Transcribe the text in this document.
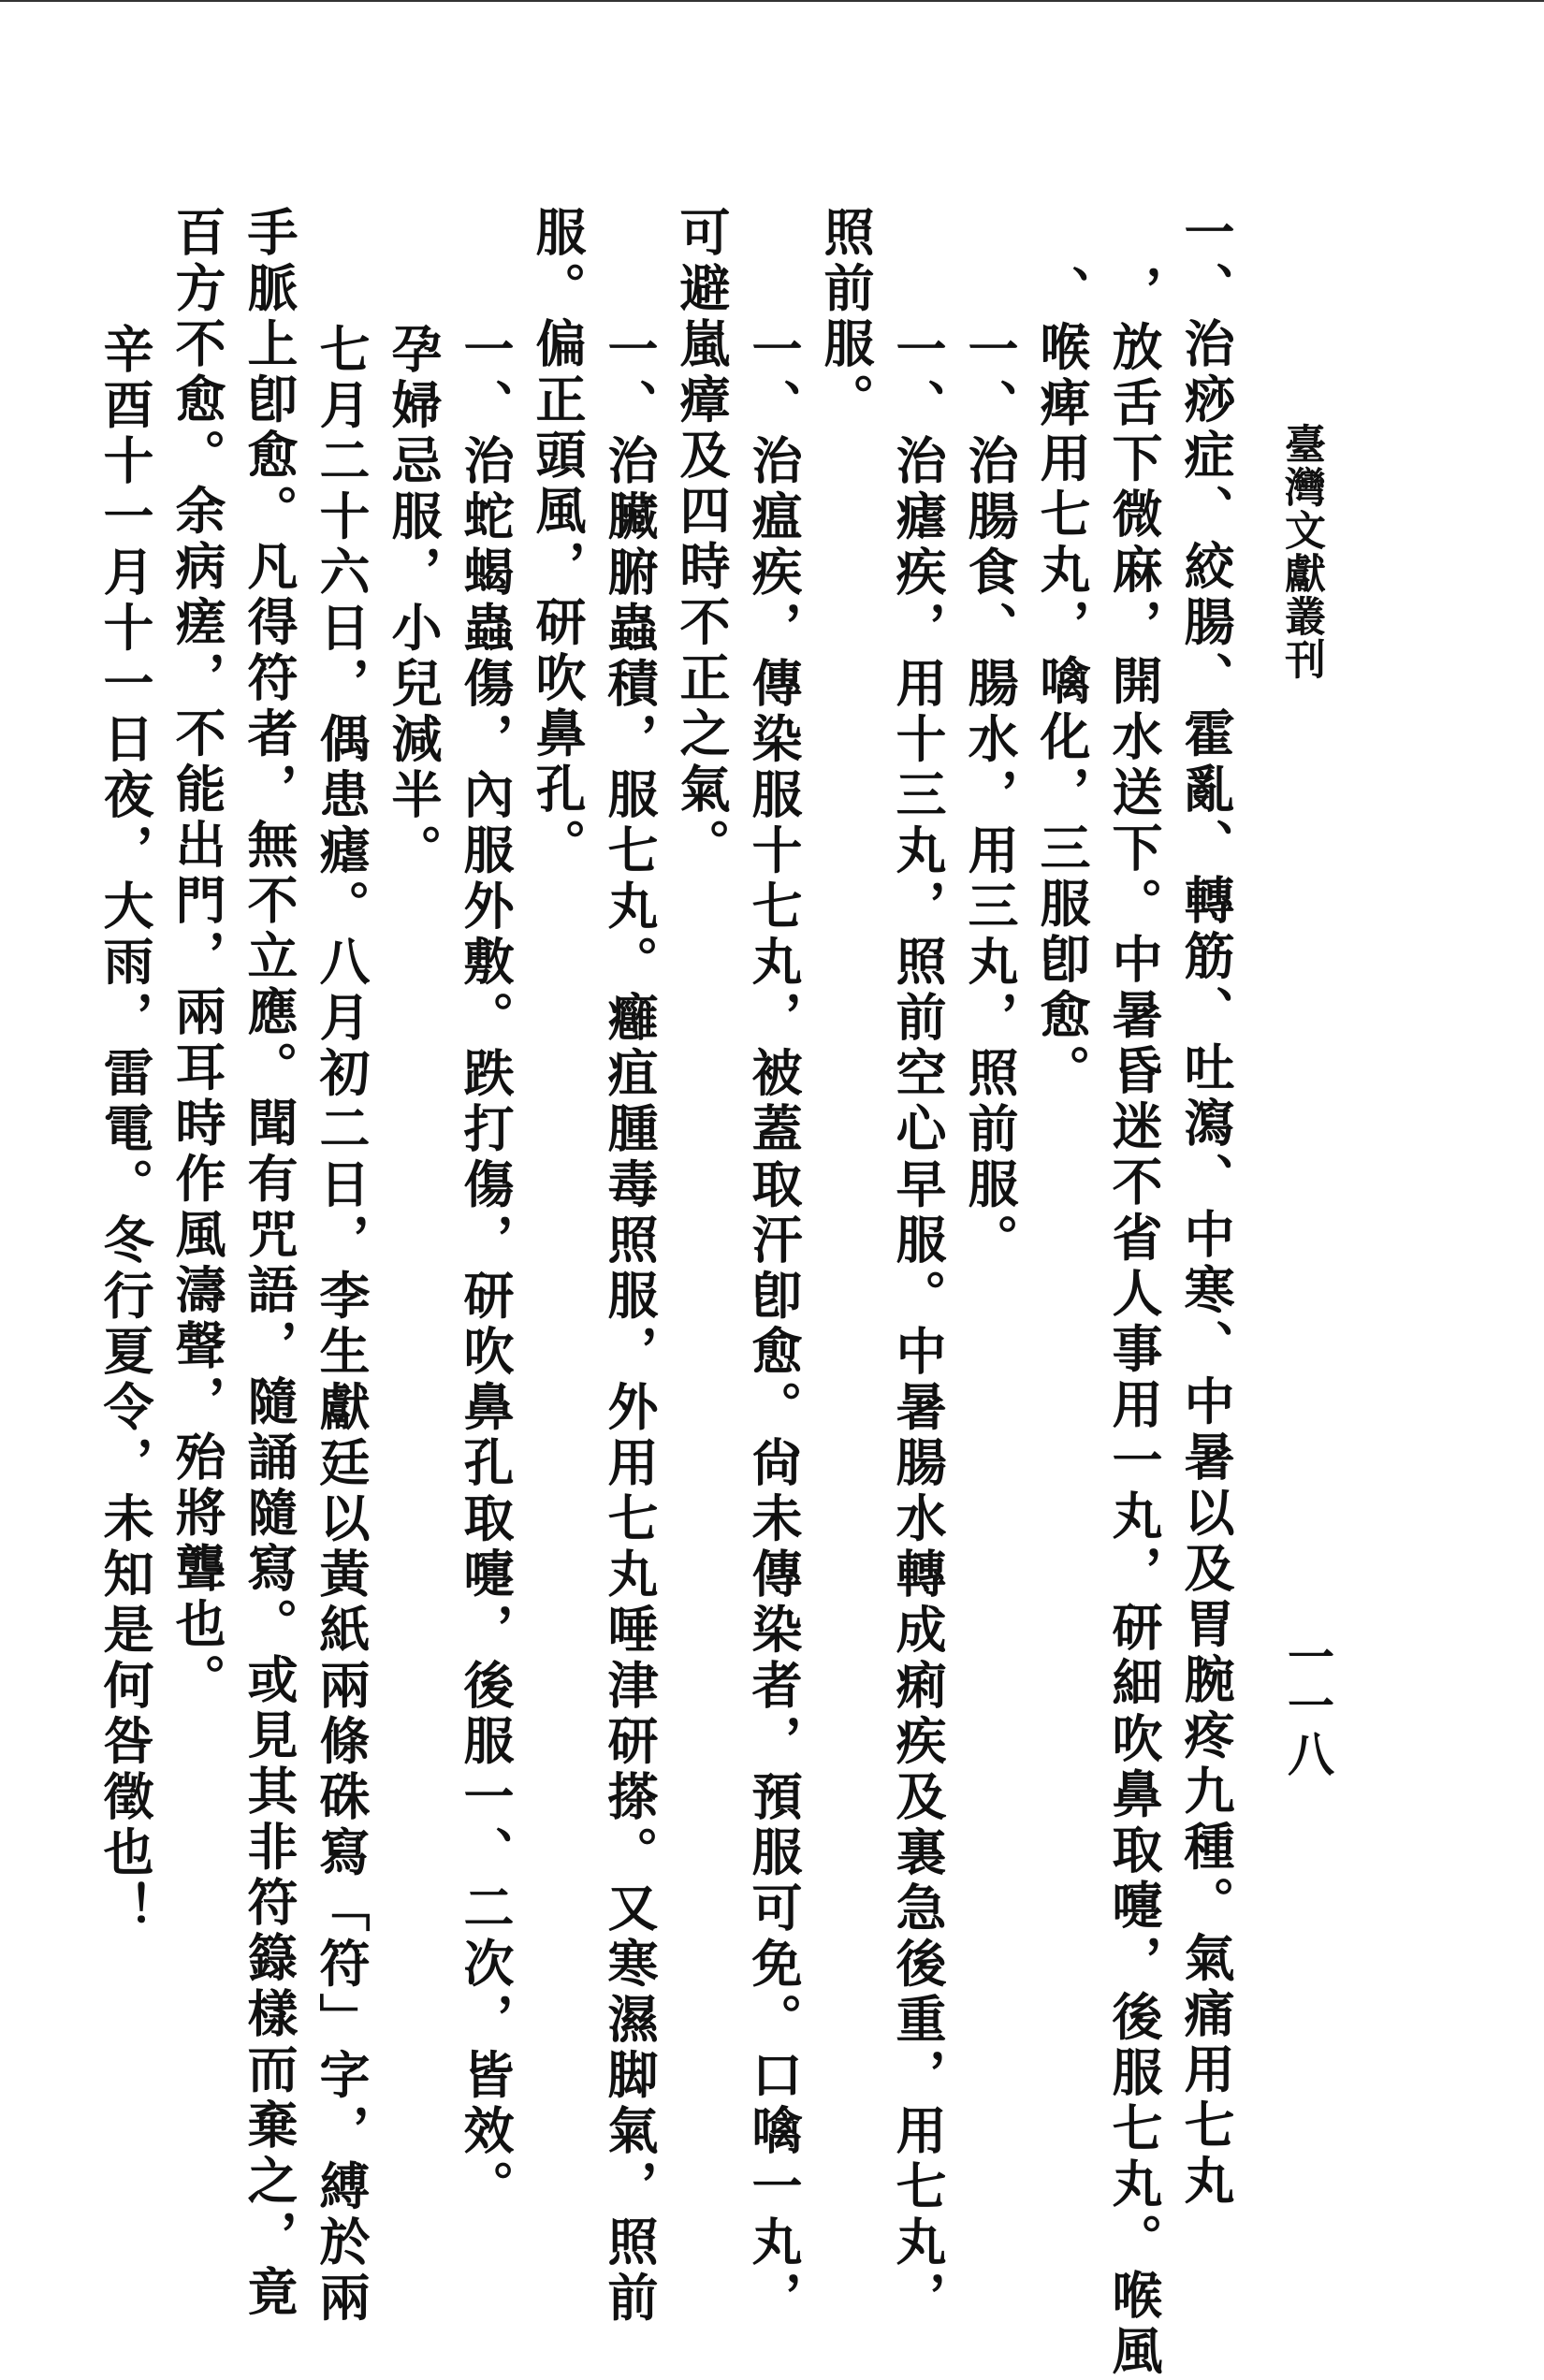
臺灣文獻叢刊
一一八
一、治痧症、絞腸、霍亂、轉筋、吐瀉、中寒、中暑以及胃腕疼九種。氣痛用七丸
，放舌下微麻，開水送下。中暑昏迷不省人事用一丸，研細吹鼻取嚏，後服七丸。喉風
、喉痺用七丸，噙化，三服卽愈。
一、治腸食、腸水，用三丸，照前服。
一、治瘧疾，用十三丸，照前空心早服。中暑腸水轉成痢疾及裏急後重，用七丸，
照前服。
一、治瘟疾，傳染服十七丸，被蓋取汗卽愈。尙未傳染者，預服可免。口噙一丸，
可避嵐瘴及四時不正之氣。
一、治臟腑蟲積，服七丸。癰疽腫毒照服，外用七丸唾津研搽。又寒濕脚氣，照前
服。偏正頭風，研吹鼻孔。
一、治蛇蝎蟲傷，內服外敷。跌打傷，研吹鼻孔取嚏，後服一、二次，皆效。
孕婦忌服，小兒減半。
七月二十六日，偶患瘧。八月初二日，李生獻廷以黃紙兩條硃寫「符」字，縛於兩
手脈上卽愈。凡得符者，無不立應。聞有咒語，隨誦隨寫。或見其非符籙樣而棄之，竟
百方不愈。余病瘥，不能出門，兩耳時作風濤聲，殆將聾也。
辛酉十一月十一日夜，大雨，雷電。冬行夏令，未知是何咎徵也！
